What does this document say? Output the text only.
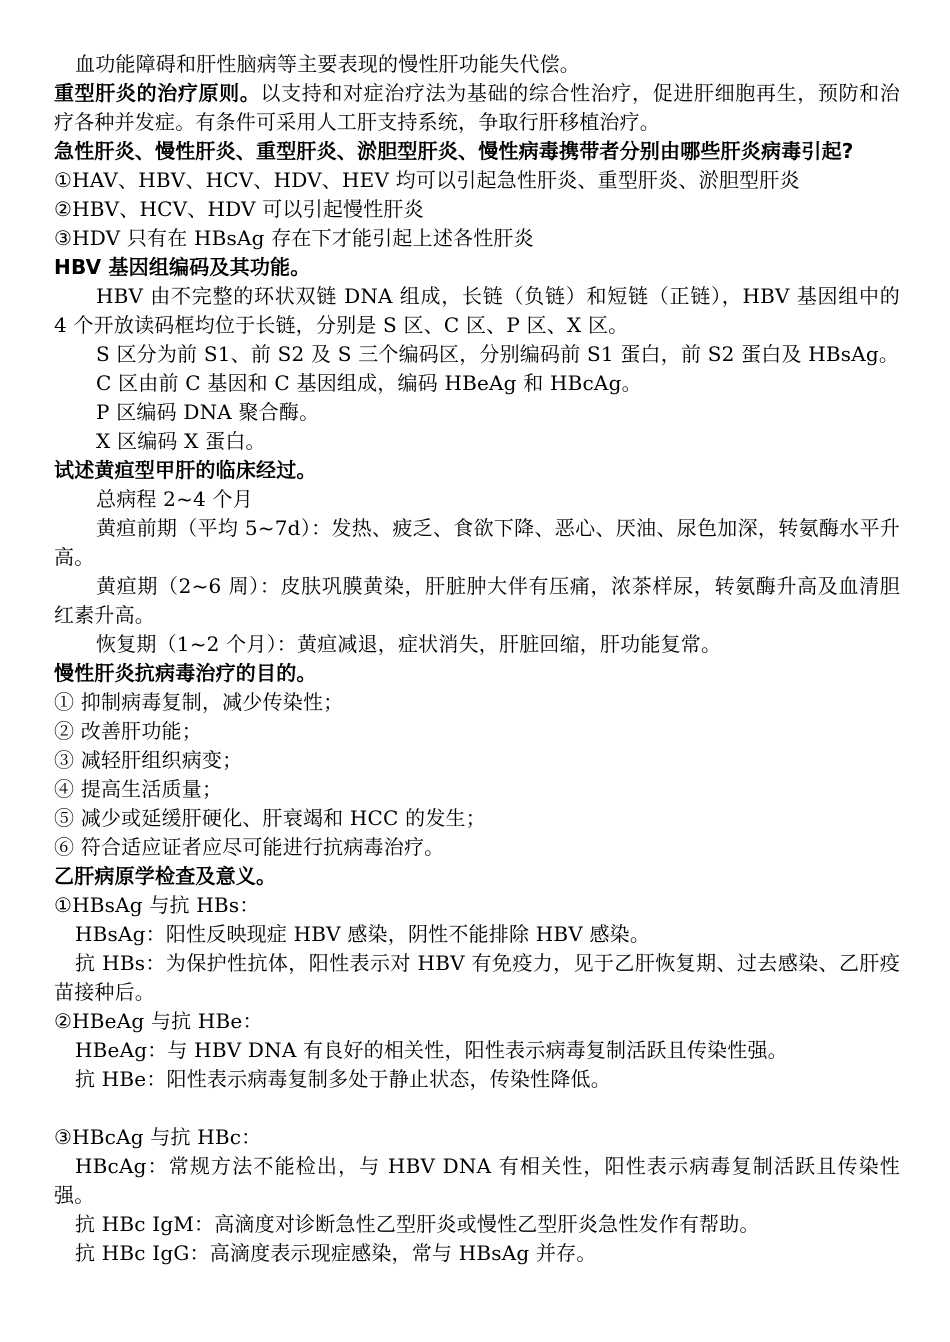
血功能障碍和肝性脑病等主要表现的慢性肝功能失代偿。
重型肝炎的治疗原则。以支持和对症治疗法为基础的综合性治疗，促进肝细胞再生，预防和治疗各种并发症。有条件可采用人工肝支持系统，争取行肝移植治疗。
急性肝炎、慢性肝炎、重型肝炎、淤胆型肝炎、慢性病毒携带者分别由哪些肝炎病毒引起?
①HAV、HBV、HCV、HDV、HEV 均可以引起急性肝炎、重型肝炎、淤胆型肝炎
②HBV、HCV、HDV 可以引起慢性肝炎
③HDV 只有在 HBsAg 存在下才能引起上述各性肝炎
HBV 基因组编码及其功能。
HBV 由不完整的环状双链 DNA 组成，长链（负链）和短链（正链），HBV 基因组中的 4 个开放读码框均位于长链，分别是 S 区、C 区、P 区、X 区。
S 区分为前 S1、前 S2 及 S 三个编码区，分别编码前 S1 蛋白，前 S2 蛋白及 HBsAg。
C 区由前 C 基因和 C 基因组成，编码 HBeAg 和 HBcAg。
P 区编码 DNA 聚合酶。
X 区编码 X 蛋白。
试述黄疸型甲肝的临床经过。
总病程 2~4 个月
黄疸前期（平均 5~7d）：发热、疲乏、食欲下降、恶心、厌油、尿色加深，转氨酶水平升高。
黄疸期（2~6 周）：皮肤巩膜黄染，肝脏肿大伴有压痛，浓茶样尿，转氨酶升高及血清胆红素升高。
恢复期（1~2 个月）：黄疸减退，症状消失，肝脏回缩，肝功能复常。
慢性肝炎抗病毒治疗的目的。
① 抑制病毒复制，减少传染性；
② 改善肝功能；
③ 减轻肝组织病变；
④ 提高生活质量；
⑤ 减少或延缓肝硬化、肝衰竭和 HCC 的发生；
⑥ 符合适应证者应尽可能进行抗病毒治疗。
乙肝病原学检查及意义。
①HBsAg 与抗 HBs：
HBsAg：阳性反映现症 HBV 感染，阴性不能排除 HBV 感染。
抗 HBs：为保护性抗体，阳性表示对 HBV 有免疫力，见于乙肝恢复期、过去感染、乙肝疫苗接种后。
②HBeAg 与抗 HBe：
HBeAg：与 HBV DNA 有良好的相关性，阳性表示病毒复制活跃且传染性强。
抗 HBe：阳性表示病毒复制多处于静止状态，传染性降低。
③HBcAg 与抗 HBc：
HBcAg：常规方法不能检出，与 HBV DNA 有相关性，阳性表示病毒复制活跃且传染性强。
抗 HBc IgM：高滴度对诊断急性乙型肝炎或慢性乙型肝炎急性发作有帮助。
抗 HBc IgG：高滴度表示现症感染，常与 HBsAg 并存。
